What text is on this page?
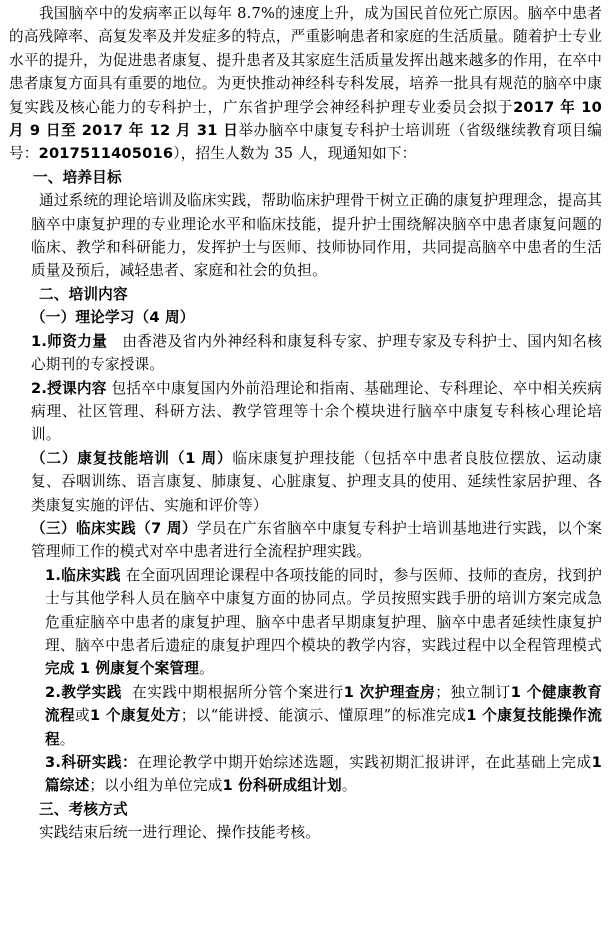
我国脑卒中的发病率正以每年 8.7%的速度上升，成为国民首位死亡原因。脑卒中患者的高残障率、高复发率及并发症多的特点，严重影响患者和家庭的生活质量。随着护士专业水平的提升，为促进患者康复、提升患者及其家庭生活质量发挥出越来越多的作用，在卒中患者康复方面具有重要的地位。为更快推动神经科专科发展，培养一批具有规范的脑卒中康复实践及核心能力的专科护士，广东省护理学会神经科护理专业委员会拟于2017 年 10 月 9 日至 2017 年 12 月 31 日举办脑卒中康复专科护士培训班（省级继续教育项目编号：2017511405016），招生人数为 35 人，现通知如下：

一、培养目标

通过系统的理论培训及临床实践，帮助临床护理骨干树立正确的康复护理理念，提高其脑卒中康复护理的专业理论水平和临床技能，提升护士围绕解决脑卒中患者康复问题的临床、教学和科研能力，发挥护士与医师、技师协同作用，共同提高脑卒中患者的生活质量及预后，减轻患者、家庭和社会的负担。

二、培训内容

（一）理论学习（4 周）

1.师资力量 由香港及省内外神经科和康复科专家、护理专家及专科护士、国内知名核心期刊的专家授课。

2.授课内容 包括卒中康复国内外前沿理论和指南、基础理论、专科理论、卒中相关疾病病理、社区管理、科研方法、教学管理等十余个模块进行脑卒中康复专科核心理论培训。

（二）康复技能培训（1 周）临床康复护理技能（包括卒中患者良肢位摆放、运动康复、吞咽训练、语言康复、肺康复、心脏康复、护理支具的使用、延续性家居护理、各类康复实施的评估、实施和评价等）

（三）临床实践（7 周）学员在广东省脑卒中康复专科护士培训基地进行实践，以个案管理师工作的模式对卒中患者进行全流程护理实践。

1.临床实践 在全面巩固理论课程中各项技能的同时，参与医师、技师的查房，找到护士与其他学科人员在脑卒中康复方面的协同点。学员按照实践手册的培训方案完成急危重症脑卒中患者的康复护理、脑卒中患者早期康复护理、脑卒中患者延续性康复护理、脑卒中患者后遗症的康复护理四个模块的教学内容，实践过程中以全程管理模式完成 1 例康复个案管理。

2.教学实践 在实践中期根据所分管个案进行1 次护理查房；独立制订1 个健康教育流程或1 个康复处方；以“能讲授、能演示、懂原理”的标准完成1 个康复技能操作流程。

3.科研实践：在理论教学中期开始综述选题，实践初期汇报讲评，在此基础上完成1 篇综述；以小组为单位完成1 份科研成组计划。

三、考核方式

实践结束后统一进行理论、操作技能考核。
